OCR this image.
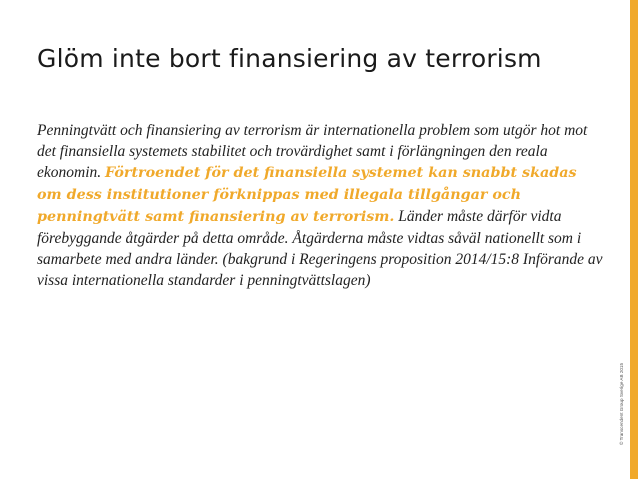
Glöm inte bort finansiering av terrorism
Penningtvätt och finansiering av terrorism är internationella problem som utgör hot mot det finansiella systemets stabilitet och trovärdighet samt i förlängningen den reala ekonomin. Förtroendet för det finansiella systemet kan snabbt skadas om dess institutioner förknippas med illegala tillgångar och penningtvätt samt finansiering av terrorism. Länder måste därför vidta förebyggande åtgärder på detta område. Åtgärderna måste vidtas såväl nationellt som i samarbete med andra länder. (bakgrund i Regeringens proposition 2014/15:8 Införande av vissa internationella standarder i penningtvättslagen)
© Transcendent Group Sverige AB 2015
